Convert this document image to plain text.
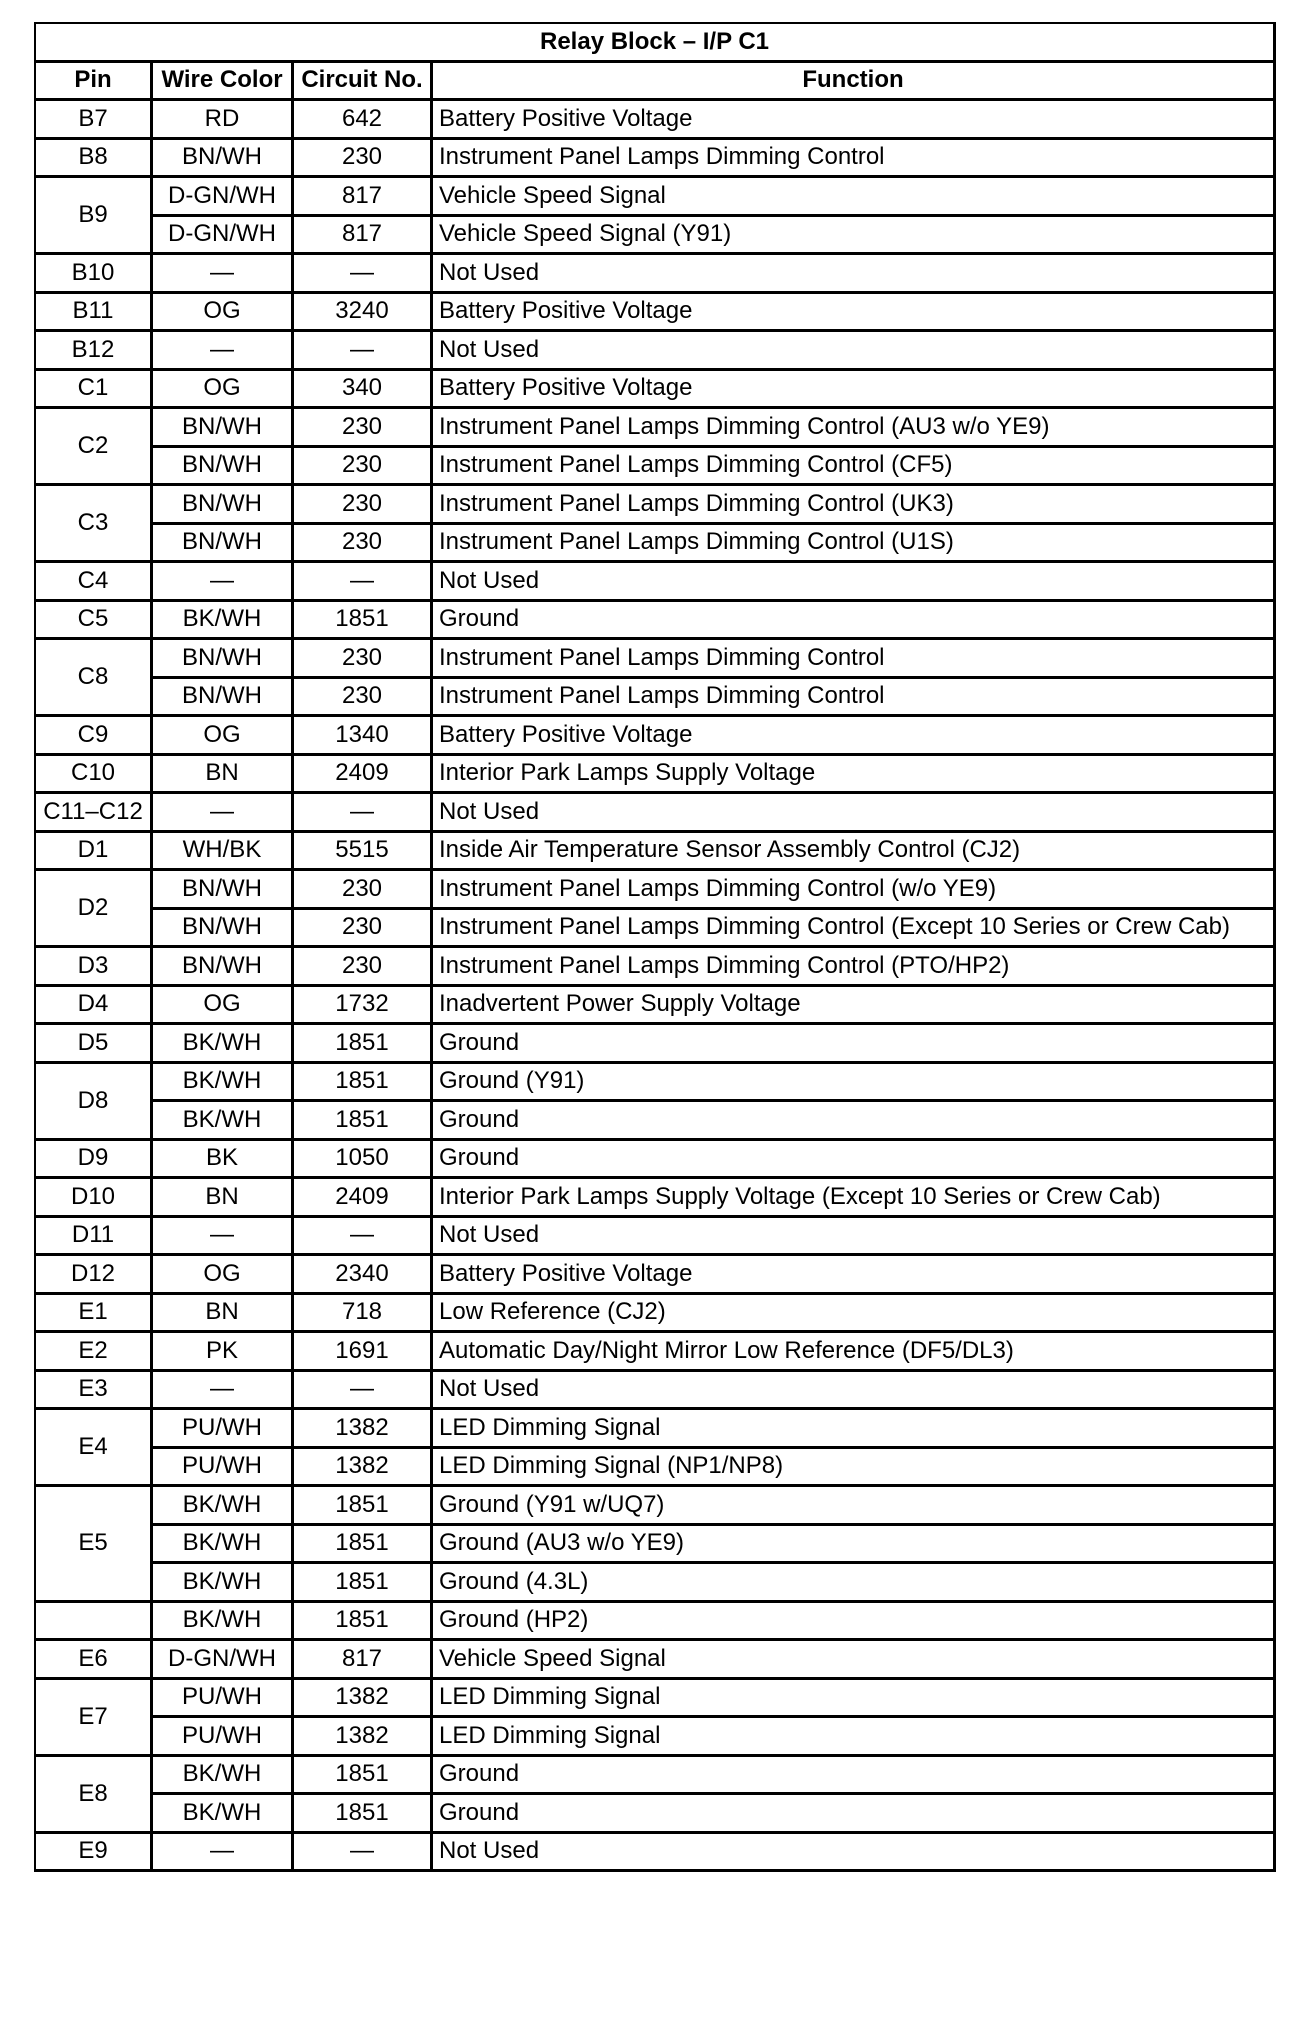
Relay Block – I/P C1			
Pin	Wire Color	Circuit No.	Function
B7	RD	642	Battery Positive Voltage
B8	BN/WH	230	Instrument Panel Lamps Dimming Control
B9	D-GN/WH	817	Vehicle Speed Signal
	D-GN/WH	817	Vehicle Speed Signal (Y91)
B10	—	—	Not Used
B11	OG	3240	Battery Positive Voltage
B12	—	—	Not Used
C1	OG	340	Battery Positive Voltage
C2	BN/WH	230	Instrument Panel Lamps Dimming Control (AU3 w/o YE9)
	BN/WH	230	Instrument Panel Lamps Dimming Control (CF5)
C3	BN/WH	230	Instrument Panel Lamps Dimming Control (UK3)
	BN/WH	230	Instrument Panel Lamps Dimming Control (U1S)
C4	—	—	Not Used
C5	BK/WH	1851	Ground
C8	BN/WH	230	Instrument Panel Lamps Dimming Control
	BN/WH	230	Instrument Panel Lamps Dimming Control
C9	OG	1340	Battery Positive Voltage
C10	BN	2409	Interior Park Lamps Supply Voltage
C11–C12	—	—	Not Used
D1	WH/BK	5515	Inside Air Temperature Sensor Assembly Control (CJ2)
D2	BN/WH	230	Instrument Panel Lamps Dimming Control (w/o YE9)
	BN/WH	230	Instrument Panel Lamps Dimming Control (Except 10 Series or Crew Cab)
D3	BN/WH	230	Instrument Panel Lamps Dimming Control (PTO/HP2)
D4	OG	1732	Inadvertent Power Supply Voltage
D5	BK/WH	1851	Ground
D8	BK/WH	1851	Ground (Y91)
	BK/WH	1851	Ground
D9	BK	1050	Ground
D10	BN	2409	Interior Park Lamps Supply Voltage (Except 10 Series or Crew Cab)
D11	—	—	Not Used
D12	OG	2340	Battery Positive Voltage
E1	BN	718	Low Reference (CJ2)
E2	PK	1691	Automatic Day/Night Mirror Low Reference (DF5/DL3)
E3	—	—	Not Used
E4	PU/WH	1382	LED Dimming Signal
	PU/WH	1382	LED Dimming Signal (NP1/NP8)
E5	BK/WH	1851	Ground (Y91 w/UQ7)
	BK/WH	1851	Ground (AU3 w/o YE9)
	BK/WH	1851	Ground (4.3L)
	BK/WH	1851	Ground (HP2)
E6	D-GN/WH	817	Vehicle Speed Signal
E7	PU/WH	1382	LED Dimming Signal
	PU/WH	1382	LED Dimming Signal
E8	BK/WH	1851	Ground
	BK/WH	1851	Ground
E9	—	—	Not Used
